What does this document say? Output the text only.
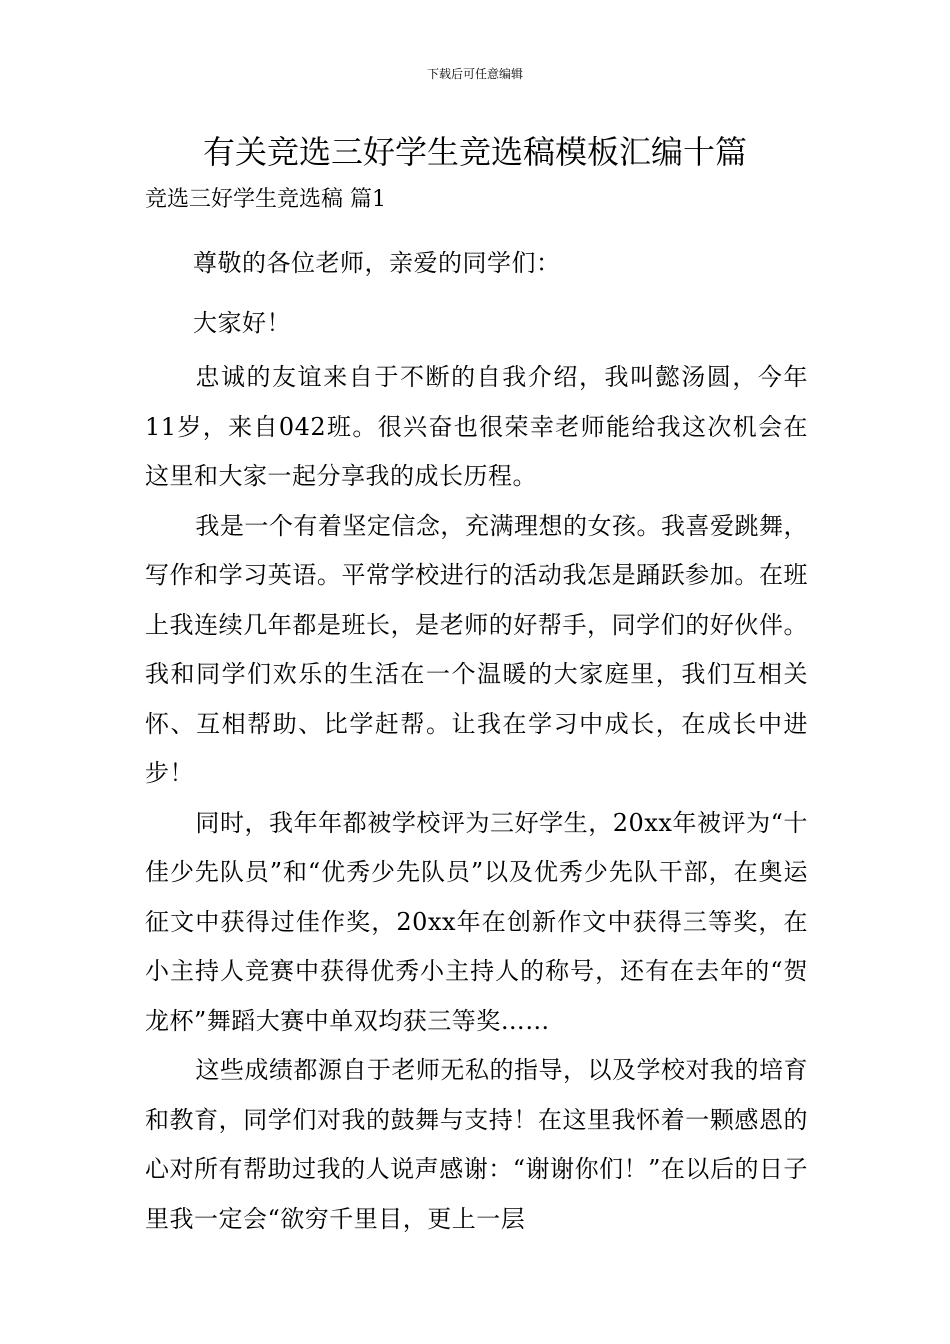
下载后可任意编辑
有关竞选三好学生竞选稿模板汇编十篇
竞选三好学生竞选稿 篇1

尊敬的各位老师，亲爱的同学们：

大家好！

忠诚的友谊来自于不断的自我介绍，我叫懿汤圆，今年11岁，来自042班。很兴奋也很荣幸老师能给我这次机会在这里和大家一起分享我的成长历程。

我是一个有着坚定信念，充满理想的女孩。我喜爱跳舞，写作和学习英语。平常学校进行的活动我怎是踊跃参加。在班上我连续几年都是班长，是老师的好帮手，同学们的好伙伴。我和同学们欢乐的生活在一个温暖的大家庭里，我们互相关怀、互相帮助、比学赶帮。让我在学习中成长，在成长中进步！

同时，我年年都被学校评为三好学生，20xx年被评为“十佳少先队员”和“优秀少先队员”以及优秀少先队干部，在奥运征文中获得过佳作奖，20xx年在创新作文中获得三等奖，在小主持人竞赛中获得优秀小主持人的称号，还有在去年的“贺龙杯”舞蹈大赛中单双均获三等奖……

这些成绩都源自于老师无私的指导，以及学校对我的培育和教育，同学们对我的鼓舞与支持！在这里我怀着一颗感恩的心对所有帮助过我的人说声感谢：“谢谢你们！”在以后的日子里我一定会“欲穷千里目，更上一层
